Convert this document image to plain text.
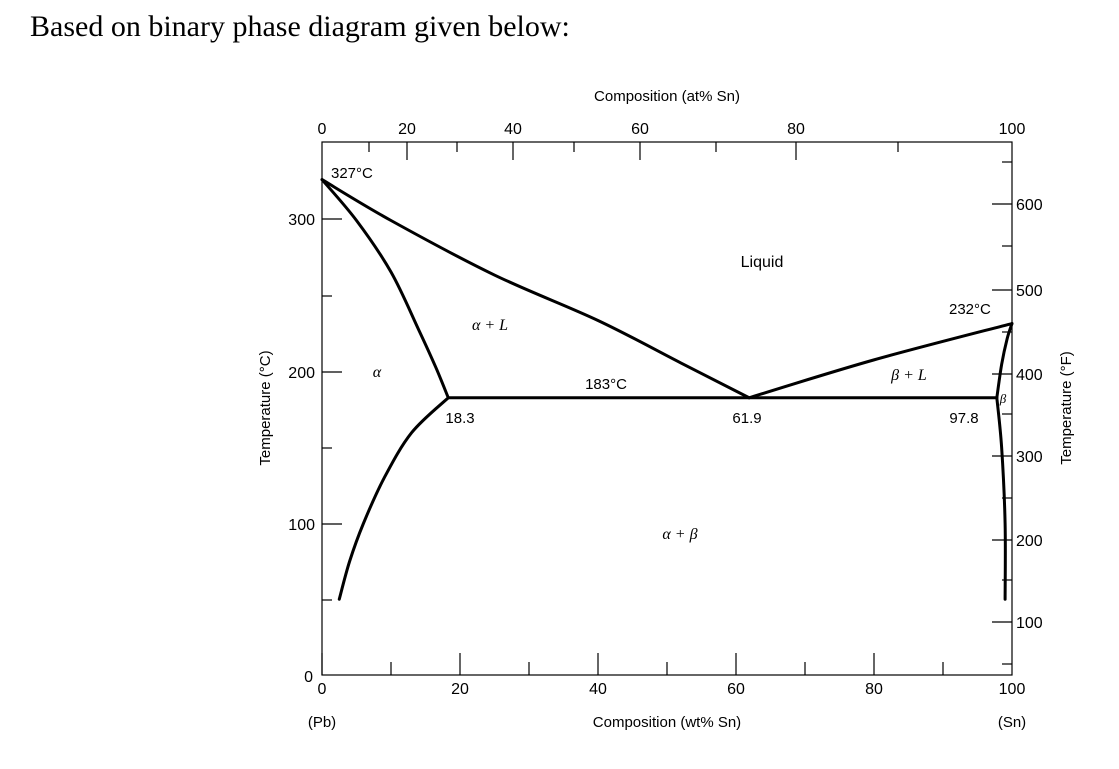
Based on binary phase diagram given below:
Composition (at% Sn)
Composition (wt% Sn)
Temperature (°C)	Temperature (°F)
(Pb)	(Sn)
0	20	40	60	80	100
0	20	40	60	80	100
0
100
200
300
100
200
300
400
500
600
Liquid
α + L
α	β + L
β
α + β
327°C
232°C
183°C
18.3	61.9	97.8
